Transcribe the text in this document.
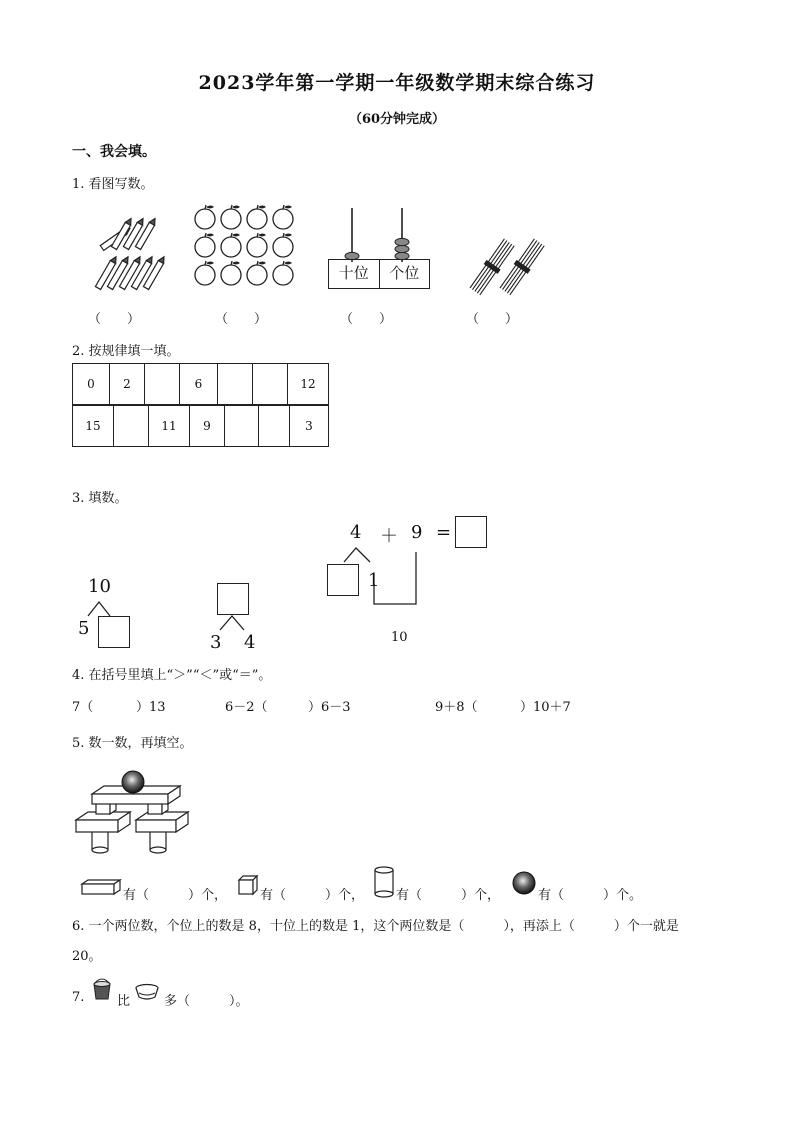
2023学年第一学期一年级数学期末综合练习
（60分钟完成）
一、我会填。
1. 看图写数。
十位	个位
（　　）	（　　）	（　　）	（　　）
2. 按规律填一填。
0	2		6			12
15		11	9			3
3. 填数。
10
5
3 4
4 ＋ 9 =
1
10
4. 在括号里填上“＞”“＜”或“＝”。
7（	）13	6－2（	）6－3	9＋8（	）10＋7
5. 数一数，再填空。
有（　　　）个，	有（　　　）个， 有（　　　）个，	有（　　　）个。
6. 一个两位数，个位上的数是 8，十位上的数是 1，这个两位数是（　　　），再添上（　　　）个一就是
20。
7.	比	多（　　　）。
